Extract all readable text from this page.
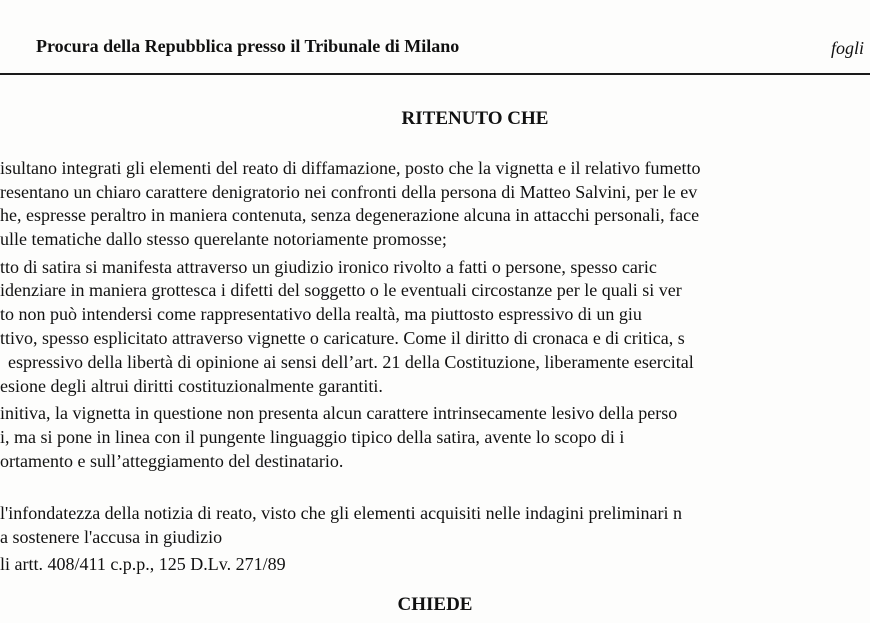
Procura della Repubblica presso il Tribunale di Milano	fogli
RITENUTO CHE
isultano integrati gli elementi del reato di diffamazione, posto che la vignetta e il relativo fumetto
resentano un chiaro carattere denigratorio nei confronti della persona di Matteo Salvini, per le ev
he, espresse peraltro in maniera contenuta, senza degenerazione alcuna in attacchi personali, face
ulle tematiche dallo stesso querelante notoriamente promosse;
tto di satira si manifesta attraverso un giudizio ironico rivolto a fatti o persone, spesso caric
idenziare in maniera grottesca i difetti del soggetto o le eventuali circostanze per le quali si ver
to non può intendersi come rappresentativo della realtà, ma piuttosto espressivo di un giu
ttivo, spesso esplicitato attraverso vignette o caricature. Come il diritto di cronaca e di critica, s
espressivo della libertà di opinione ai sensi dell’art. 21 della Costituzione, liberamente esercital
esione degli altrui diritti costituzionalmente garantiti.
initiva, la vignetta in questione non presenta alcun carattere intrinsecamente lesivo della perso
i, ma si pone in linea con il pungente linguaggio tipico della satira, avente lo scopo di i
ortamento e sull’atteggiamento del destinatario.
l'infondatezza della notizia di reato, visto che gli elementi acquisiti nelle indagini preliminari n
a sostenere l'accusa in giudizio
li artt. 408/411 c.p.p., 125 D.Lv. 271/89
CHIEDE
